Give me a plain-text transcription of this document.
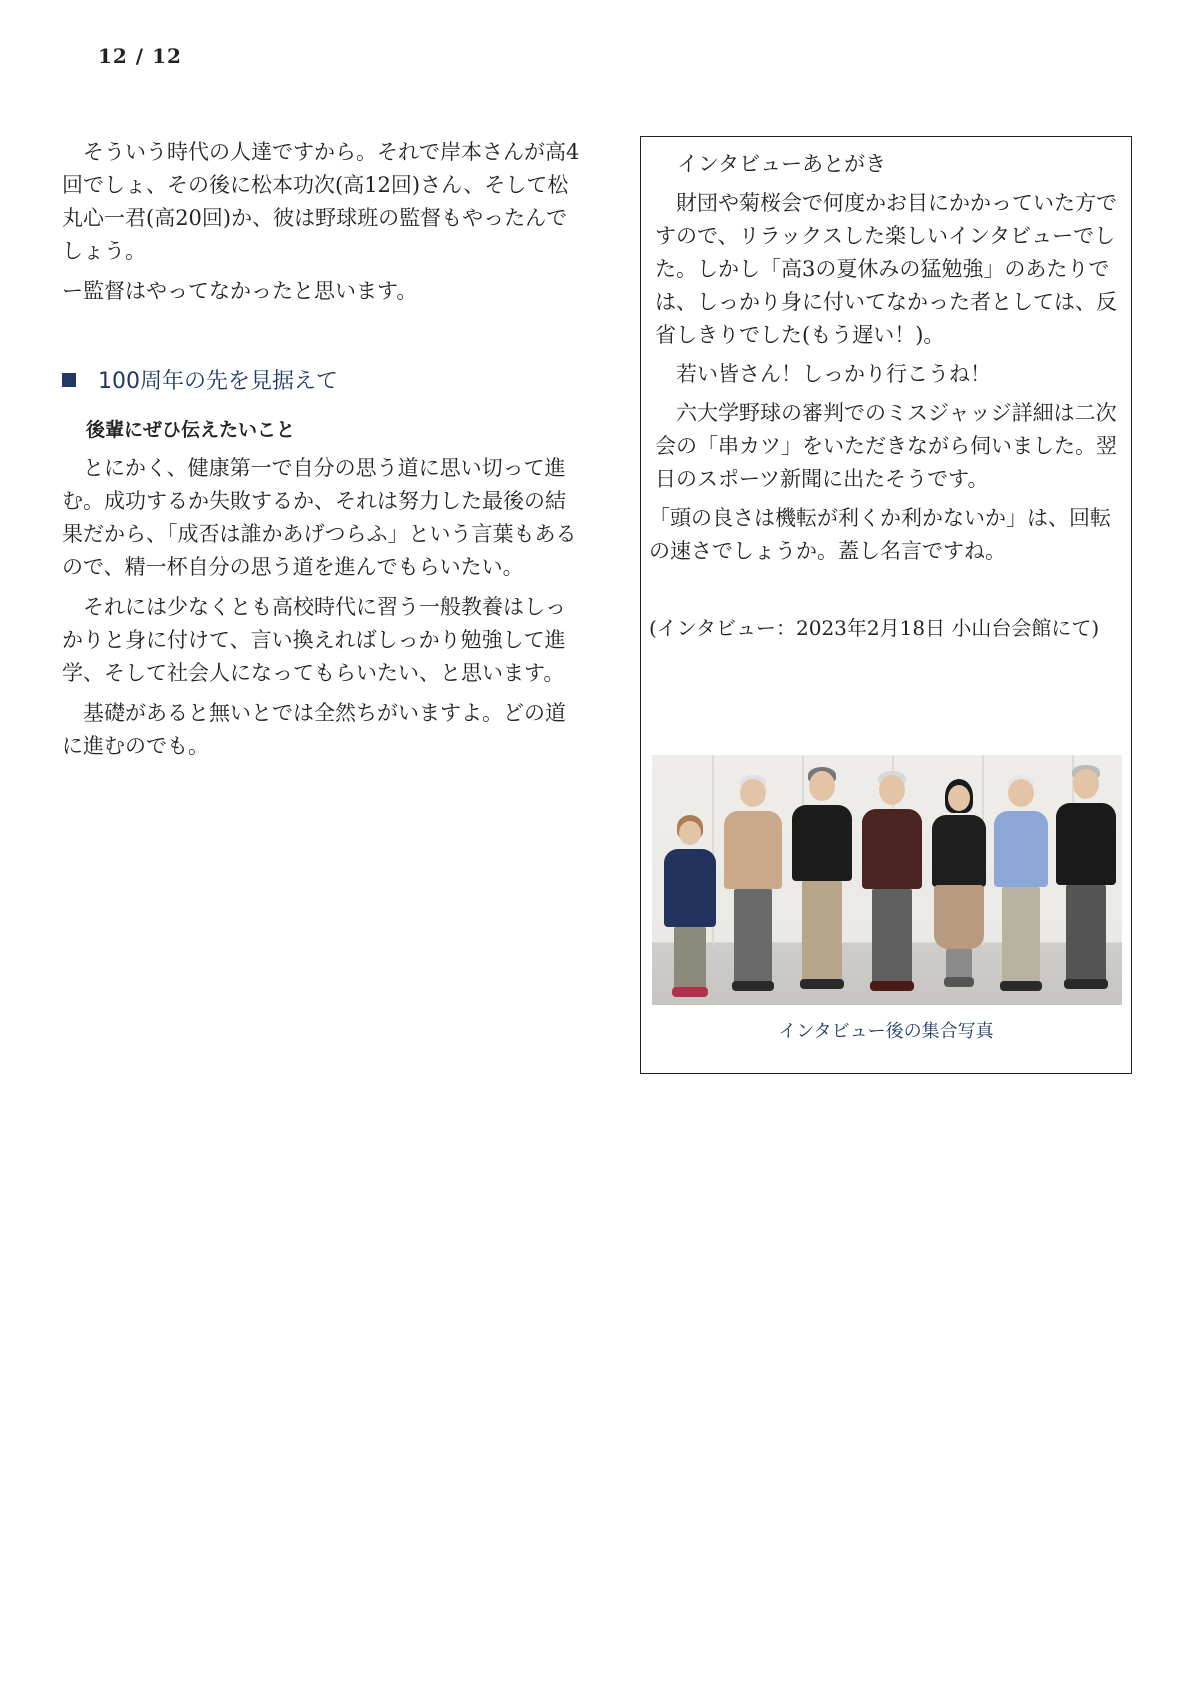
12 / 12

そういう時代の人達ですから。それで岸本さんが高4回でしょ、その後に松本功次(高12回)さん、そして松丸心一君(高20回)か、彼は野球班の監督もやったんでしょう。

ー監督はやってなかったと思います。

100周年の先を見据えて
後輩にぜひ伝えたいこと

とにかく、健康第一で自分の思う道に思い切って進む。成功するか失敗するか、それは努力した最後の結果だから、「成否は誰かあげつらふ」という言葉もあるので、精一杯自分の思う道を進んでもらいたい。

それには少なくとも高校時代に習う一般教養はしっかりと身に付けて、言い換えればしっかり勉強して進学、そして社会人になってもらいたい、と思います。

基礎があると無いとでは全然ちがいますよ。どの道に進むのでも。

インタビューあとがき

財団や菊桜会で何度かお目にかかっていた方ですので、リラックスした楽しいインタビューでした。しかし「高3の夏休みの猛勉強」のあたりでは、しっかり身に付いてなかった者としては、反省しきりでした(もう遅い！)。

若い皆さん！しっかり行こうね！

六大学野球の審判でのミスジャッジ詳細は二次会の「串カツ」をいただきながら伺いました。翌日のスポーツ新聞に出たそうです。

「頭の良さは機転が利くか利かないか」は、回転の速さでしょうか。蓋し名言ですね。

(インタビュー：2023年2月18日 小山台会館にて)
インタビュー後の集合写真
